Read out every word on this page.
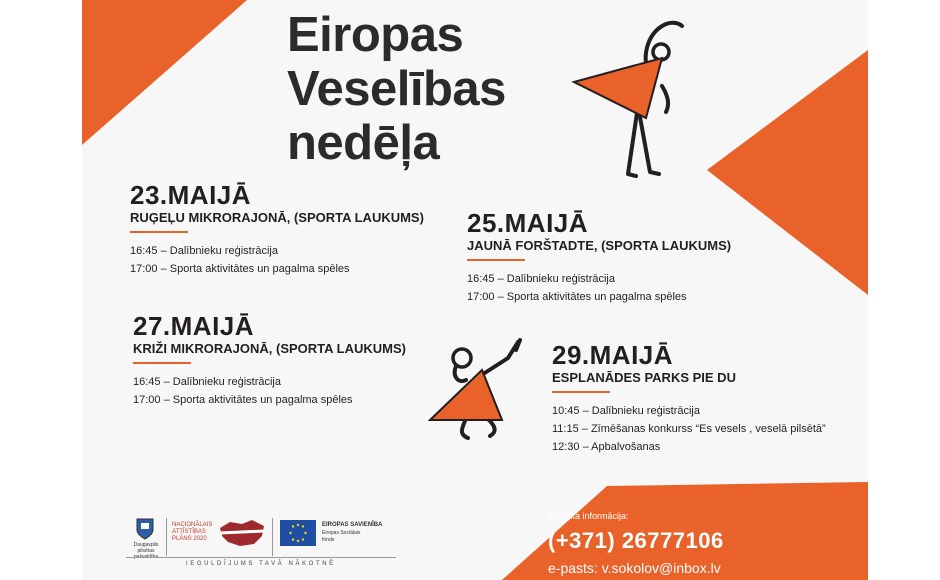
Eiropas
Veselības
nedēļa
23.MAIJĀ
RUĢEĻU MIKRORAJONĀ, (SPORTA LAUKUMS)
16:45 – Dalībnieku reģistrācija
17:00 – Sporta aktivitātes un pagalma spēles
25.MAIJĀ
JAUNĀ FORŠTADTE, (SPORTA LAUKUMS)
16:45 – Dalībnieku reģistrācija
17:00 – Sporta aktivitātes un pagalma spēles
27.MAIJĀ
KRIŽI MIKRORAJONĀ, (SPORTA LAUKUMS)
16:45 – Dalībnieku reģistrācija
17:00 – Sporta aktivitātes un pagalma spēles
29.MAIJĀ
ESPLANĀDES PARKS PIE DU
10:45 – Dalībnieku reģistrācija
11:15 – Zīmēšanas konkurss “Es vesels , veselā pilsētā”
12:30 – Apbalvošanas
Plašāka informācija:
(+371) 26777106
e-pasts: v.sokolov@inbox.lv
Daugavpils pilsētas
NACIONĀLAIS
ATTĪSTĪBAS
PLĀNS 2020
EIROPAS SAVIENĪBA
Eiropas Sociālais
fonds
IEGULDĪJUMS TAVĀ NĀKOTNĒ
